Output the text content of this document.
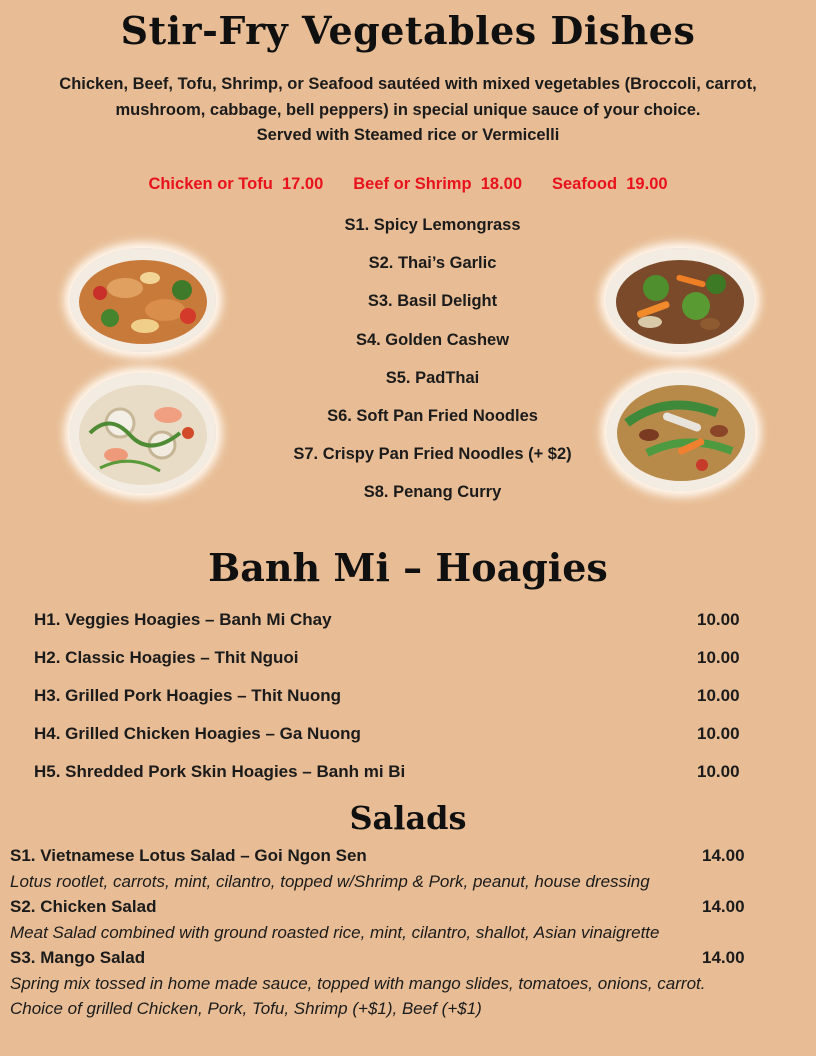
Stir-Fry Vegetables Dishes
Chicken, Beef, Tofu, Shrimp, or Seafood sautéed with mixed vegetables (Broccoli, carrot,
mushroom, cabbage, bell peppers) in special unique sauce of your choice.
Served with Steamed rice or Vermicelli
Chicken or Tofu  17.00 Beef or Shrimp  18.00 Seafood  19.00
S1. Spicy Lemongrass
S2. Thai’s Garlic
S3. Basil Delight
S4. Golden Cashew
S5. PadThai
S6. Soft Pan Fried Noodles
S7. Crispy Pan Fried Noodles (+ $2)
S8. Penang Curry
Banh Mi – Hoagies
H1. Veggies Hoagies – Banh Mi Chay	10.00
H2. Classic Hoagies – Thit Nguoi	10.00
H3. Grilled Pork Hoagies – Thit Nuong	10.00
H4. Grilled Chicken Hoagies – Ga Nuong	10.00
H5. Shredded Pork Skin Hoagies – Banh mi Bi	10.00
Salads
S1. Vietnamese Lotus Salad – Goi Ngon Sen	14.00
Lotus rootlet, carrots, mint, cilantro, topped w/Shrimp & Pork, peanut, house dressing
S2. Chicken Salad	14.00
Meat Salad combined with ground roasted rice, mint, cilantro, shallot, Asian vinaigrette
S3. Mango Salad	14.00
Spring mix tossed in home made sauce, topped with mango slides, tomatoes, onions, carrot.
Choice of grilled Chicken, Pork, Tofu, Shrimp (+$1), Beef (+$1)
